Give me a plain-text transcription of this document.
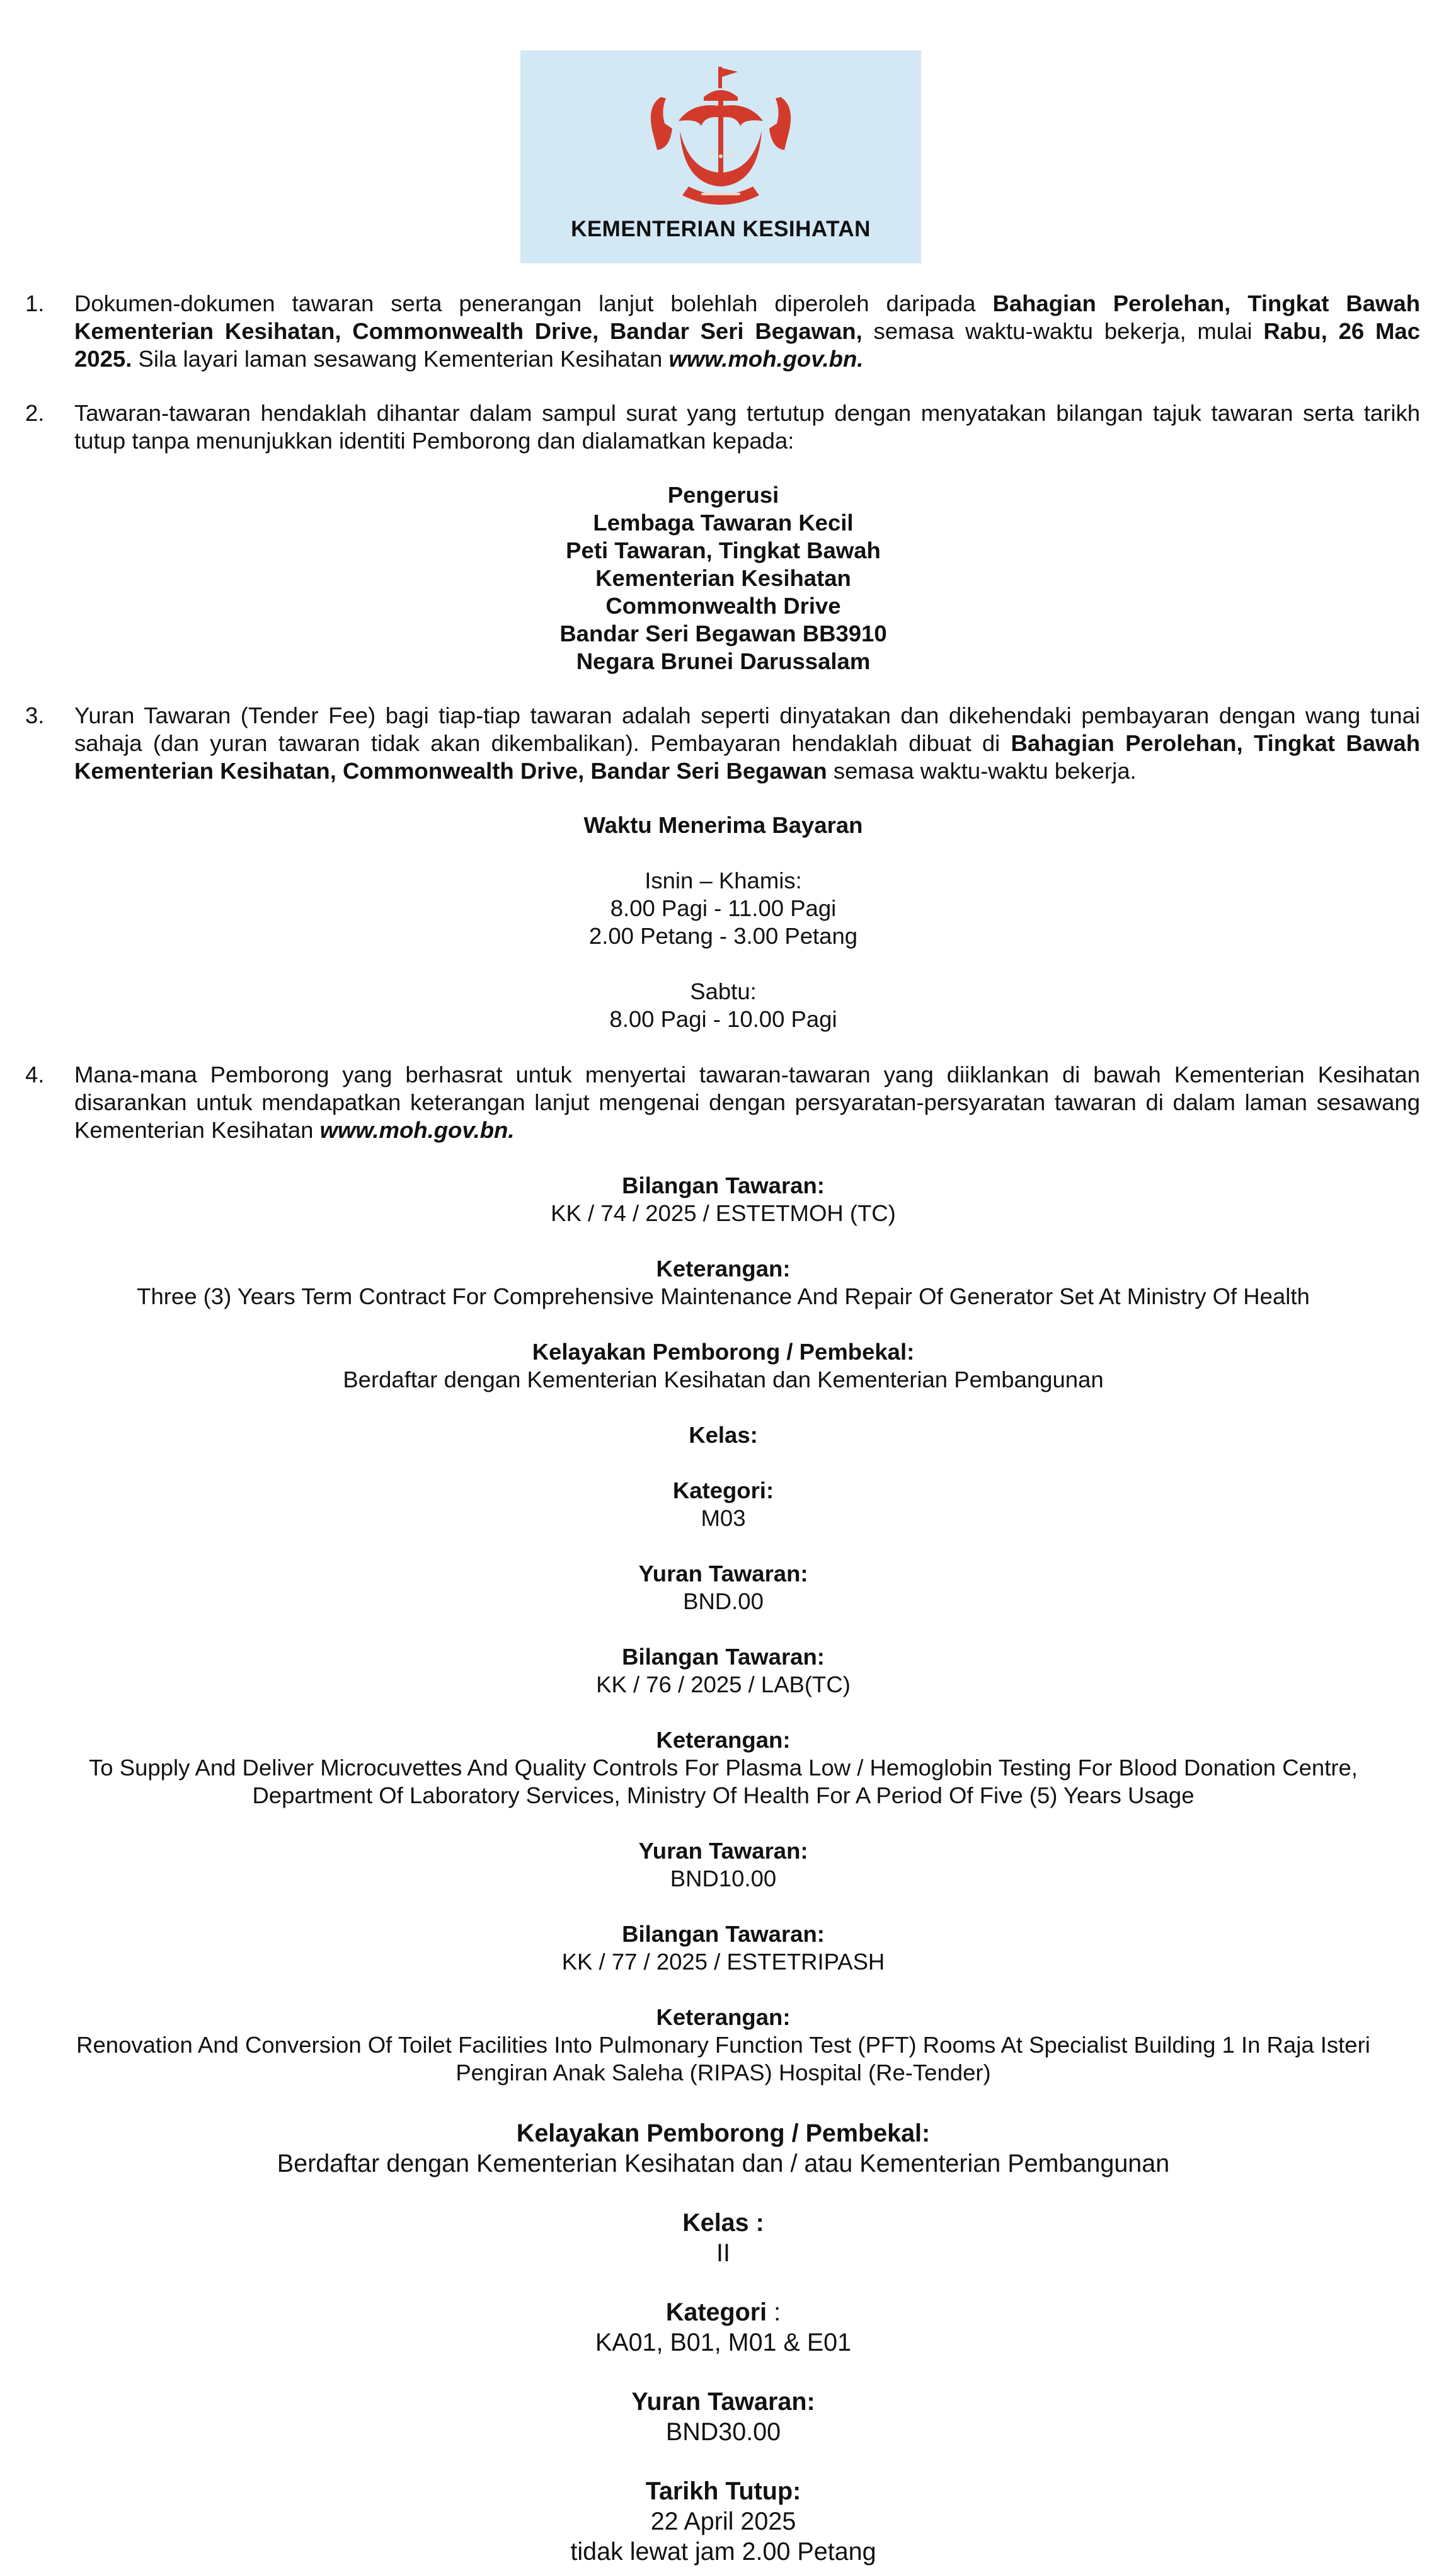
KEMENTERIAN KESIHATAN
1. Dokumen-dokumen tawaran serta penerangan lanjut bolehlah diperoleh daripada Bahagian Perolehan, Tingkat Bawah Kementerian Kesihatan, Commonwealth Drive, Bandar Seri Begawan, semasa waktu-waktu bekerja, mulai Rabu, 26 Mac 2025. Sila layari laman sesawang Kementerian Kesihatan www.moh.gov.bn.
2. Tawaran-tawaran hendaklah dihantar dalam sampul surat yang tertutup dengan menyatakan bilangan tajuk tawaran serta tarikh tutup tanpa menunjukkan identiti Pemborong dan dialamatkan kepada:
Pengerusi
Lembaga Tawaran Kecil
Peti Tawaran, Tingkat Bawah
Kementerian Kesihatan
Commonwealth Drive
Bandar Seri Begawan BB3910
Negara Brunei Darussalam
3. Yuran Tawaran (Tender Fee) bagi tiap-tiap tawaran adalah seperti dinyatakan dan dikehendaki pembayaran dengan wang tunai sahaja (dan yuran tawaran tidak akan dikembalikan). Pembayaran hendaklah dibuat di Bahagian Perolehan, Tingkat Bawah Kementerian Kesihatan, Commonwealth Drive, Bandar Seri Begawan semasa waktu-waktu bekerja.
Waktu Menerima Bayaran
Isnin – Khamis:
8.00 Pagi - 11.00 Pagi
2.00 Petang - 3.00 Petang
Sabtu:
8.00 Pagi - 10.00 Pagi
4. Mana-mana Pemborong yang berhasrat untuk menyertai tawaran-tawaran yang diiklankan di bawah Kementerian Kesihatan disarankan untuk mendapatkan keterangan lanjut mengenai dengan persyaratan-persyaratan tawaran di dalam laman sesawang Kementerian Kesihatan www.moh.gov.bn.
Bilangan Tawaran:
KK / 74 / 2025 / ESTETMOH (TC)
Keterangan:
Three (3) Years Term Contract For Comprehensive Maintenance And Repair Of Generator Set At Ministry Of Health
Kelayakan Pemborong / Pembekal:
Berdaftar dengan Kementerian Kesihatan dan Kementerian Pembangunan
Kelas:
Kategori:
M03
Yuran Tawaran:
BND.00
Bilangan Tawaran:
KK / 76 / 2025 / LAB(TC)
Keterangan:
To Supply And Deliver Microcuvettes And Quality Controls For Plasma Low / Hemoglobin Testing For Blood Donation Centre,
Department Of Laboratory Services, Ministry Of Health For A Period Of Five (5) Years Usage
Yuran Tawaran:
BND10.00
Bilangan Tawaran:
KK / 77 / 2025 / ESTETRIPASH
Keterangan:
Renovation And Conversion Of Toilet Facilities Into Pulmonary Function Test (PFT) Rooms At Specialist Building 1 In Raja Isteri
Pengiran Anak Saleha (RIPAS) Hospital (Re-Tender)
Kelayakan Pemborong / Pembekal:
Berdaftar dengan Kementerian Kesihatan dan / atau Kementerian Pembangunan
Kelas :
II
Kategori :
KA01, B01, M01 & E01
Yuran Tawaran:
BND30.00
Tarikh Tutup:
22 April 2025
tidak lewat jam 2.00 Petang
